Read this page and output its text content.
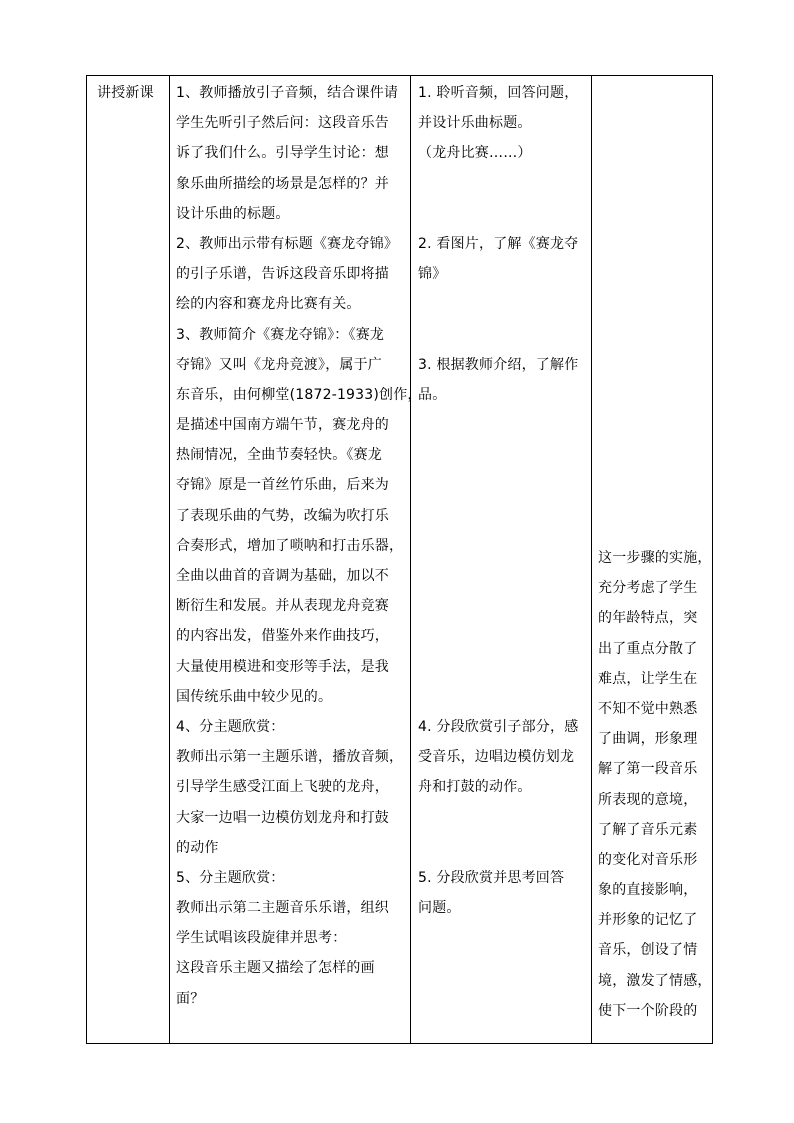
讲授新课	1、教师播放引子音频，结合课件请
学生先听引子然后问：这段音乐告
诉了我们什么。引导学生讨论：想
象乐曲所描绘的场景是怎样的？并
设计乐曲的标题。
2、教师出示带有标题《赛龙夺锦》
的引子乐谱，告诉这段音乐即将描
绘的内容和赛龙舟比赛有关。
3、教师简介《赛龙夺锦》：《赛龙
夺锦》又叫《龙舟竞渡》，属于广
东音乐，由何柳堂(1872-1933)创作，
是描述中国南方端午节，赛龙舟的
热闹情况，全曲节奏轻快。《赛龙
夺锦》原是一首丝竹乐曲，后来为
了表现乐曲的气势，改编为吹打乐
合奏形式，增加了唢呐和打击乐器，
全曲以曲首的音调为基础，加以不
断衍生和发展。并从表现龙舟竞赛
的内容出发，借鉴外来作曲技巧，
大量使用模进和变形等手法，是我
国传统乐曲中较少见的。
4、分主题欣赏：
教师出示第一主题乐谱，播放音频，
引导学生感受江面上飞驶的龙舟，
大家一边唱一边模仿划龙舟和打鼓
的动作
5、分主题欣赏：
教师出示第二主题音乐乐谱，组织
学生试唱该段旋律并思考：
这段音乐主题又描绘了怎样的画
面？

1. 聆听音频，回答问题，
并设计乐曲标题。
（龙舟比赛……）
2. 看图片，了解《赛龙夺
锦》
3. 根据教师介绍，了解作
品。
4. 分段欣赏引子部分，感
受音乐，边唱边模仿划龙
舟和打鼓的动作。
5. 分段欣赏并思考回答
问题。

这一步骤的实施，
充分考虑了学生
的年龄特点，突
出了重点分散了
难点，让学生在
不知不觉中熟悉
了曲调，形象理
解了第一段音乐
所表现的意境，
了解了音乐元素
的变化对音乐形
象的直接影响，
并形象的记忆了
音乐，创设了情
境，激发了情感，
使下一个阶段的
